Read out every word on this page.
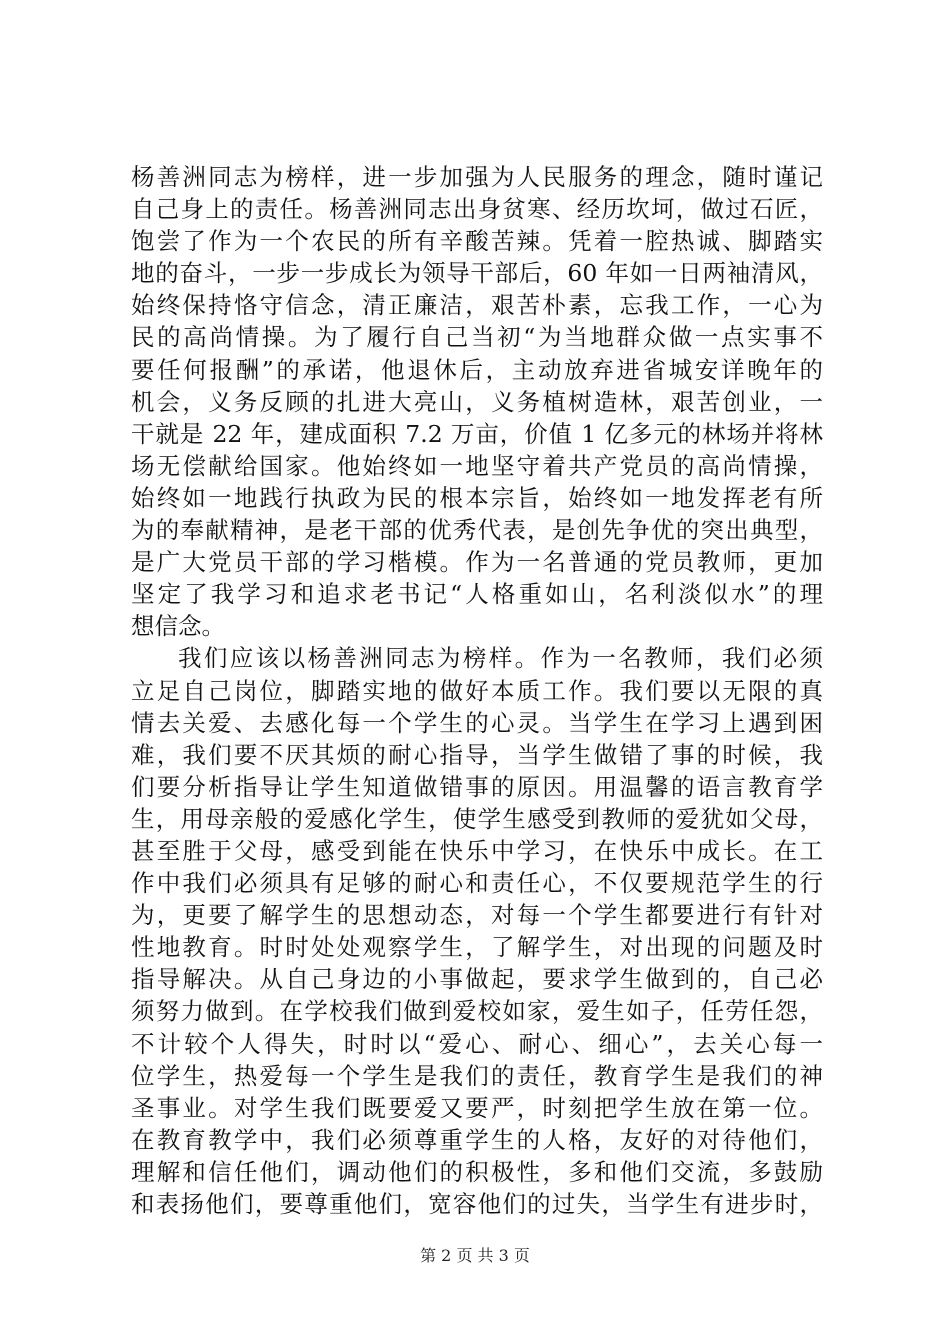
杨善洲同志为榜样，进一步加强为人民服务的理念，随时谨记
自己身上的责任。杨善洲同志出身贫寒、经历坎坷，做过石匠，
饱尝了作为一个农民的所有辛酸苦辣。凭着一腔热诚、脚踏实
地的奋斗，一步一步成长为领导干部后，60 年如一日两袖清风，
始终保持恪守信念，清正廉洁，艰苦朴素，忘我工作，一心为
民的高尚情操。为了履行自己当初“为当地群众做一点实事不
要任何报酬”的承诺，他退休后，主动放弃进省城安详晚年的
机会，义务反顾的扎进大亮山，义务植树造林，艰苦创业，一
干就是 22 年，建成面积 7.2 万亩，价值 1 亿多元的林场并将林
场无偿献给国家。他始终如一地坚守着共产党员的高尚情操，
始终如一地践行执政为民的根本宗旨，始终如一地发挥老有所
为的奉献精神，是老干部的优秀代表，是创先争优的突出典型，
是广大党员干部的学习楷模。作为一名普通的党员教师，更加
坚定了我学习和追求老书记“人格重如山，名利淡似水”的理
想信念。
我们应该以杨善洲同志为榜样。作为一名教师，我们必须
立足自己岗位，脚踏实地的做好本质工作。我们要以无限的真
情去关爱、去感化每一个学生的心灵。当学生在学习上遇到困
难，我们要不厌其烦的耐心指导，当学生做错了事的时候，我
们要分析指导让学生知道做错事的原因。用温馨的语言教育学
生，用母亲般的爱感化学生，使学生感受到教师的爱犹如父母，
甚至胜于父母，感受到能在快乐中学习，在快乐中成长。在工
作中我们必须具有足够的耐心和责任心，不仅要规范学生的行
为，更要了解学生的思想动态，对每一个学生都要进行有针对
性地教育。时时处处观察学生，了解学生，对出现的问题及时
指导解决。从自己身边的小事做起，要求学生做到的，自己必
须努力做到。在学校我们做到爱校如家，爱生如子，任劳任怨，
不计较个人得失，时时以“爱心、耐心、细心”，去关心每一
位学生，热爱每一个学生是我们的责任，教育学生是我们的神
圣事业。对学生我们既要爱又要严，时刻把学生放在第一位。
在教育教学中，我们必须尊重学生的人格，友好的对待他们，
理解和信任他们，调动他们的积极性，多和他们交流，多鼓励
和表扬他们，要尊重他们，宽容他们的过失，当学生有进步时，
第 2 页 共 3 页
